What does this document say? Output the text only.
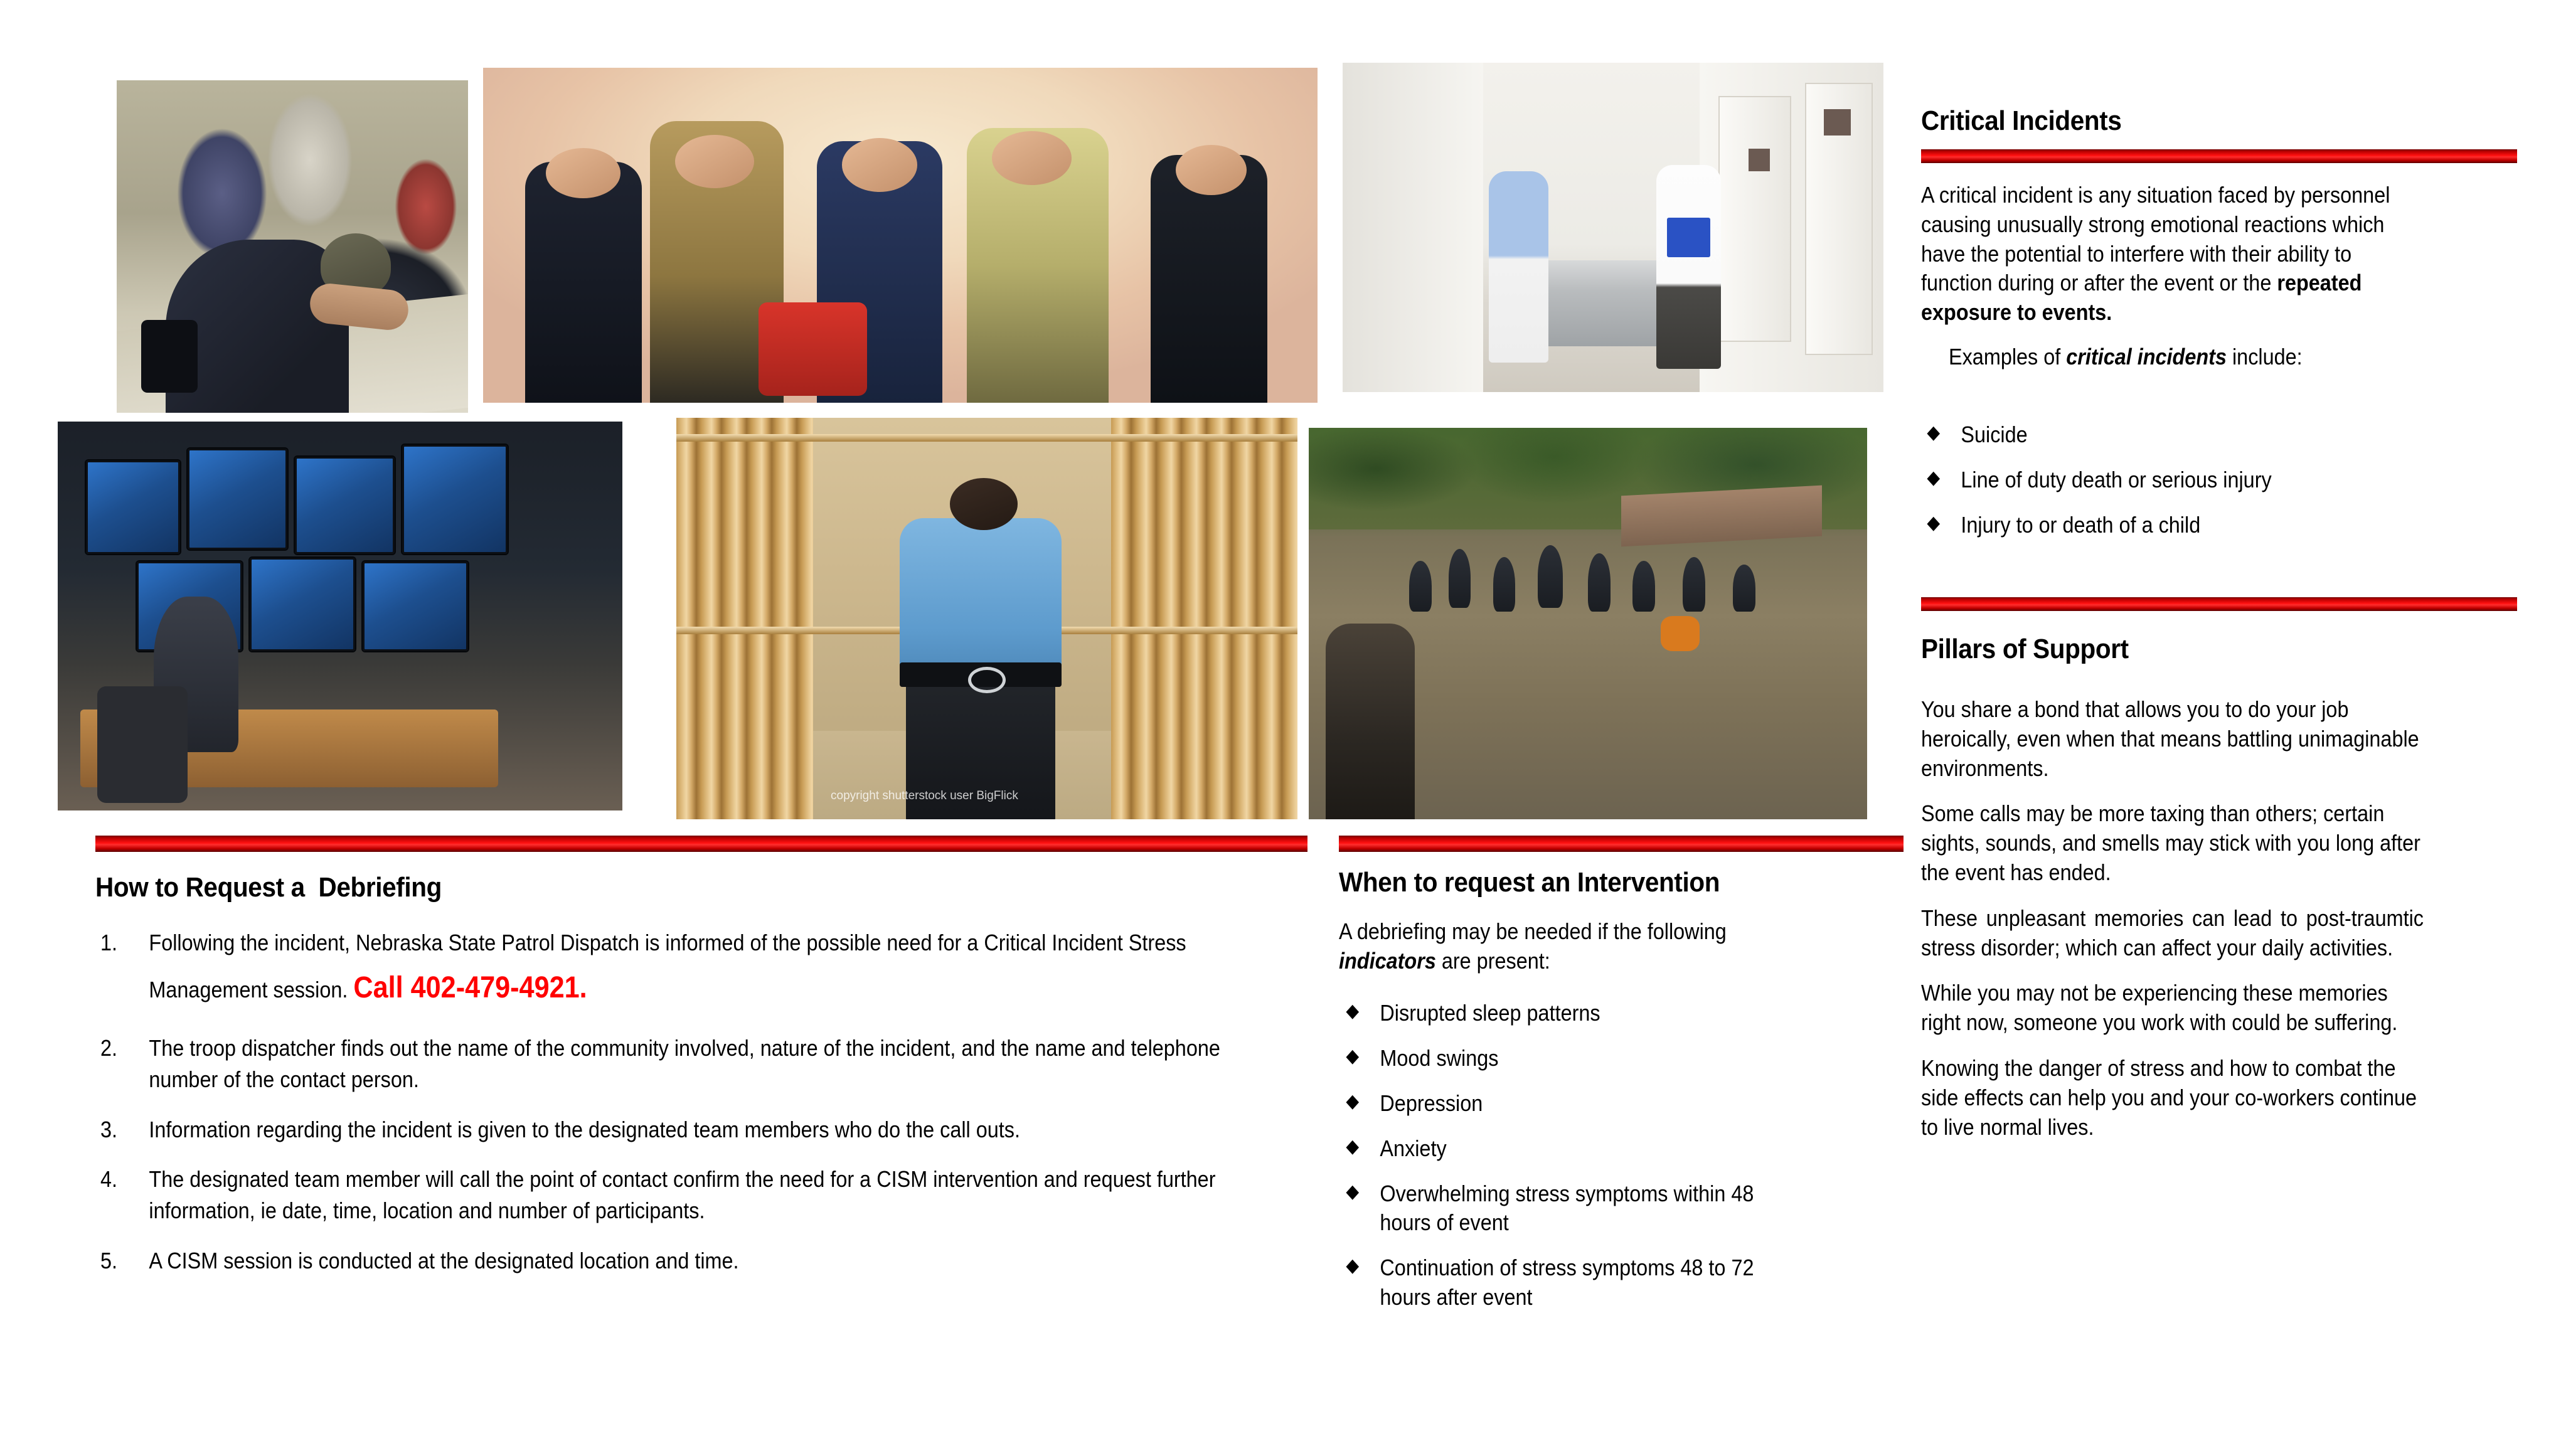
copyright shutterstock user BigFlick
Critical Incidents

A critical incident is any situation faced by personnel causing unusually strong emotional reactions which have the potential to interfere with their ability to function during or after the event or the repeated exposure to events.

Examples of critical incidents include:

◆ Suicide
◆ Line of duty death or serious injury
◆ Injury to or death of a child
Pillars of Support

You share a bond that allows you to do your job heroically, even when that means battling unimaginable environments.

Some calls may be more taxing than others; certain sights, sounds, and smells may stick with you long after the event has ended.

These unpleasant memories can lead to post-traumtic stress disorder; which can affect your daily activities.

While you may not be experiencing these memories right now, someone you work with could be suffering.

Knowing the danger of stress and how to combat the side effects can help you and your co-workers continue to live normal lives.

How to Request a  Debriefing
1.	Following the incident, Nebraska State Patrol Dispatch is informed of the possible need for a Critical Incident Stress Management session. Call 402-479-4921.
2.	The troop dispatcher finds out the name of the community involved, nature of the incident, and the name and telephone number of the contact person.
3.	Information regarding the incident is given to the designated team members who do the call outs.
4.	The designated team member will call the point of contact confirm the need for a CISM intervention and request further information, ie date, time, location and number of participants.
5.	A CISM session is conducted at the designated location and time.
When to request an Intervention

A debriefing may be needed if the following indicators are present:

◆ Disrupted sleep patterns
◆ Mood swings
◆ Depression
◆ Anxiety
◆ Overwhelming stress symptoms within 48 hours of event
◆ Continuation of stress symptoms 48 to 72 hours after event
